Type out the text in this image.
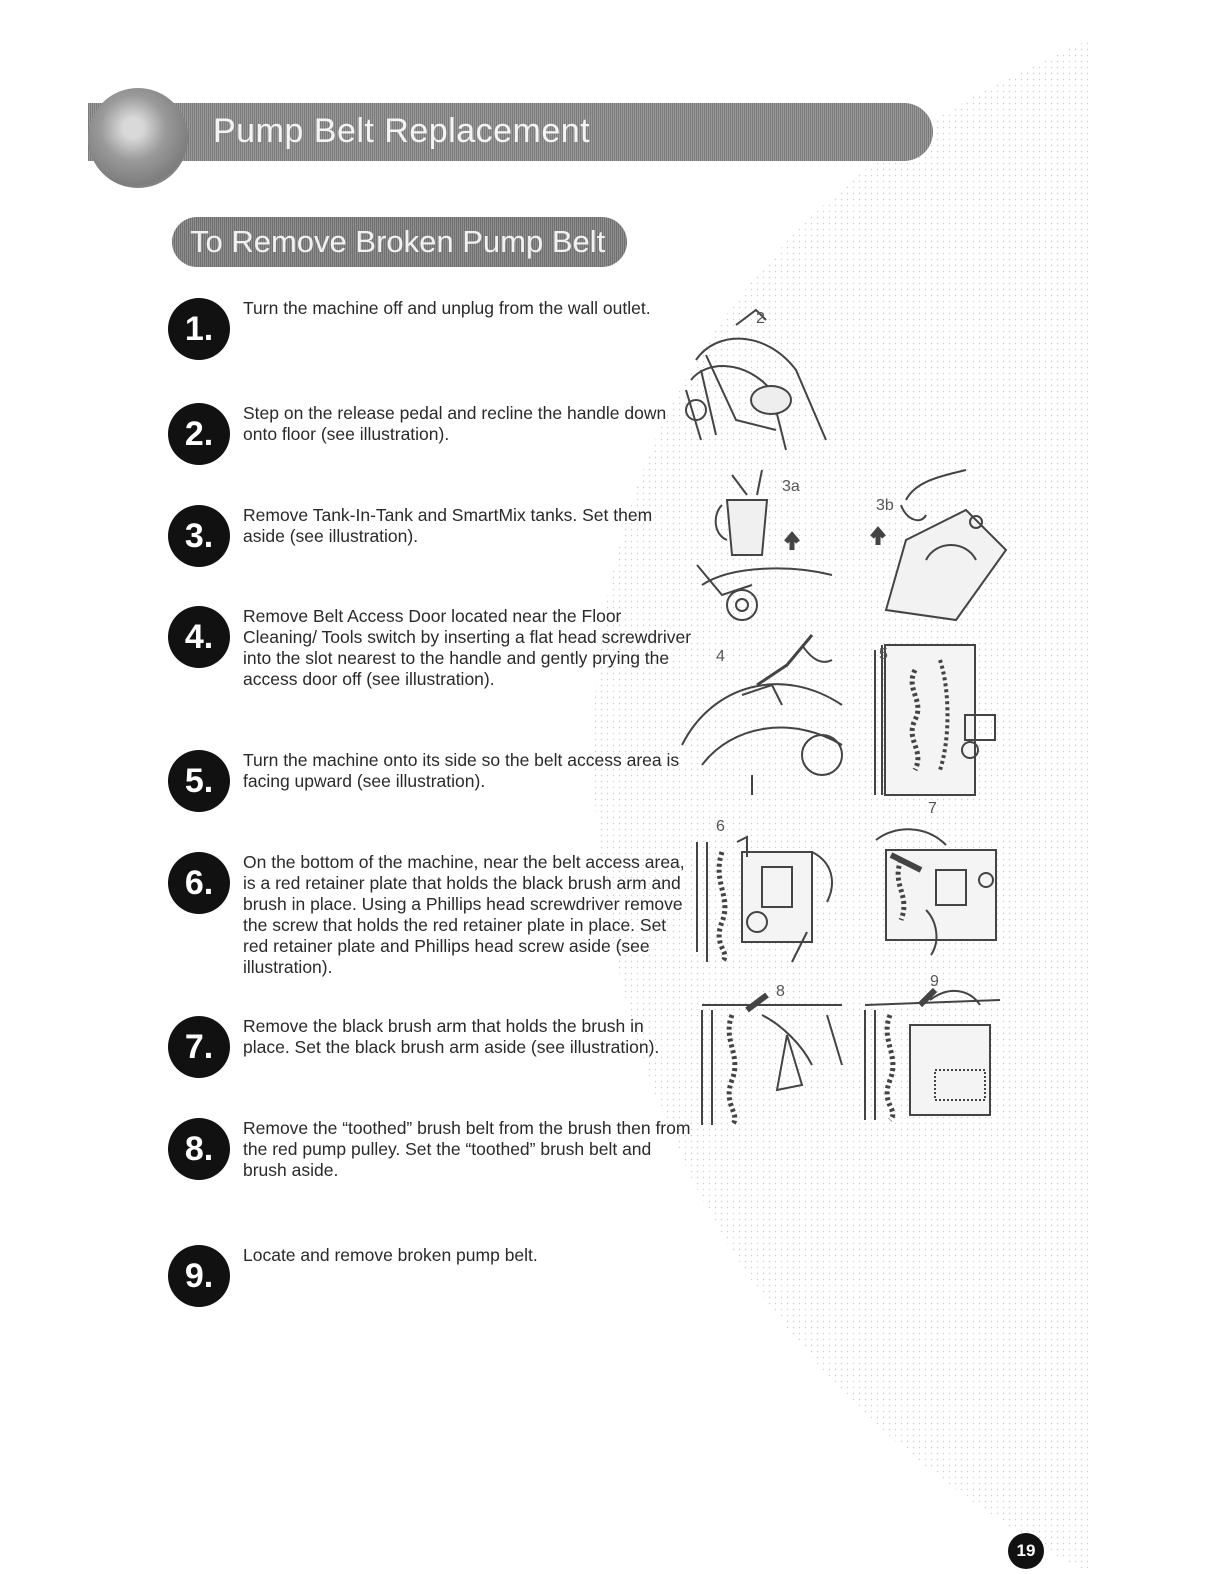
Pump Belt Replacement
To Remove Broken Pump Belt
1.
Turn the machine off and unplug from the wall outlet.
2.
Step on the release pedal and recline the handle down onto floor (see illustration).
3.
Remove Tank-In-Tank and SmartMix tanks. Set them aside (see illustration).
4.
Remove Belt Access Door located near the Floor Cleaning/ Tools switch by inserting a flat head screwdriver into the slot nearest to the handle and gently prying the access door off (see illustration).
5.
Turn the machine onto its side so the belt access area is facing upward (see illustration).
6.
On the bottom of the machine, near the belt access area, is a red retainer plate that holds the black brush arm and brush in place. Using a Phillips head screwdriver remove the screw that holds the red retainer plate in place. Set red retainer plate and Phillips head screw aside (see illustration).
7.
Remove the black brush arm that holds the brush in place. Set the black brush arm aside (see illustration).
8.
Remove the “toothed” brush belt from the brush then from the red pump pulley. Set the “toothed” brush belt and brush aside.
9.
Locate and remove broken pump belt.
2
3a
3b
4	5
6
7
8
9
19
